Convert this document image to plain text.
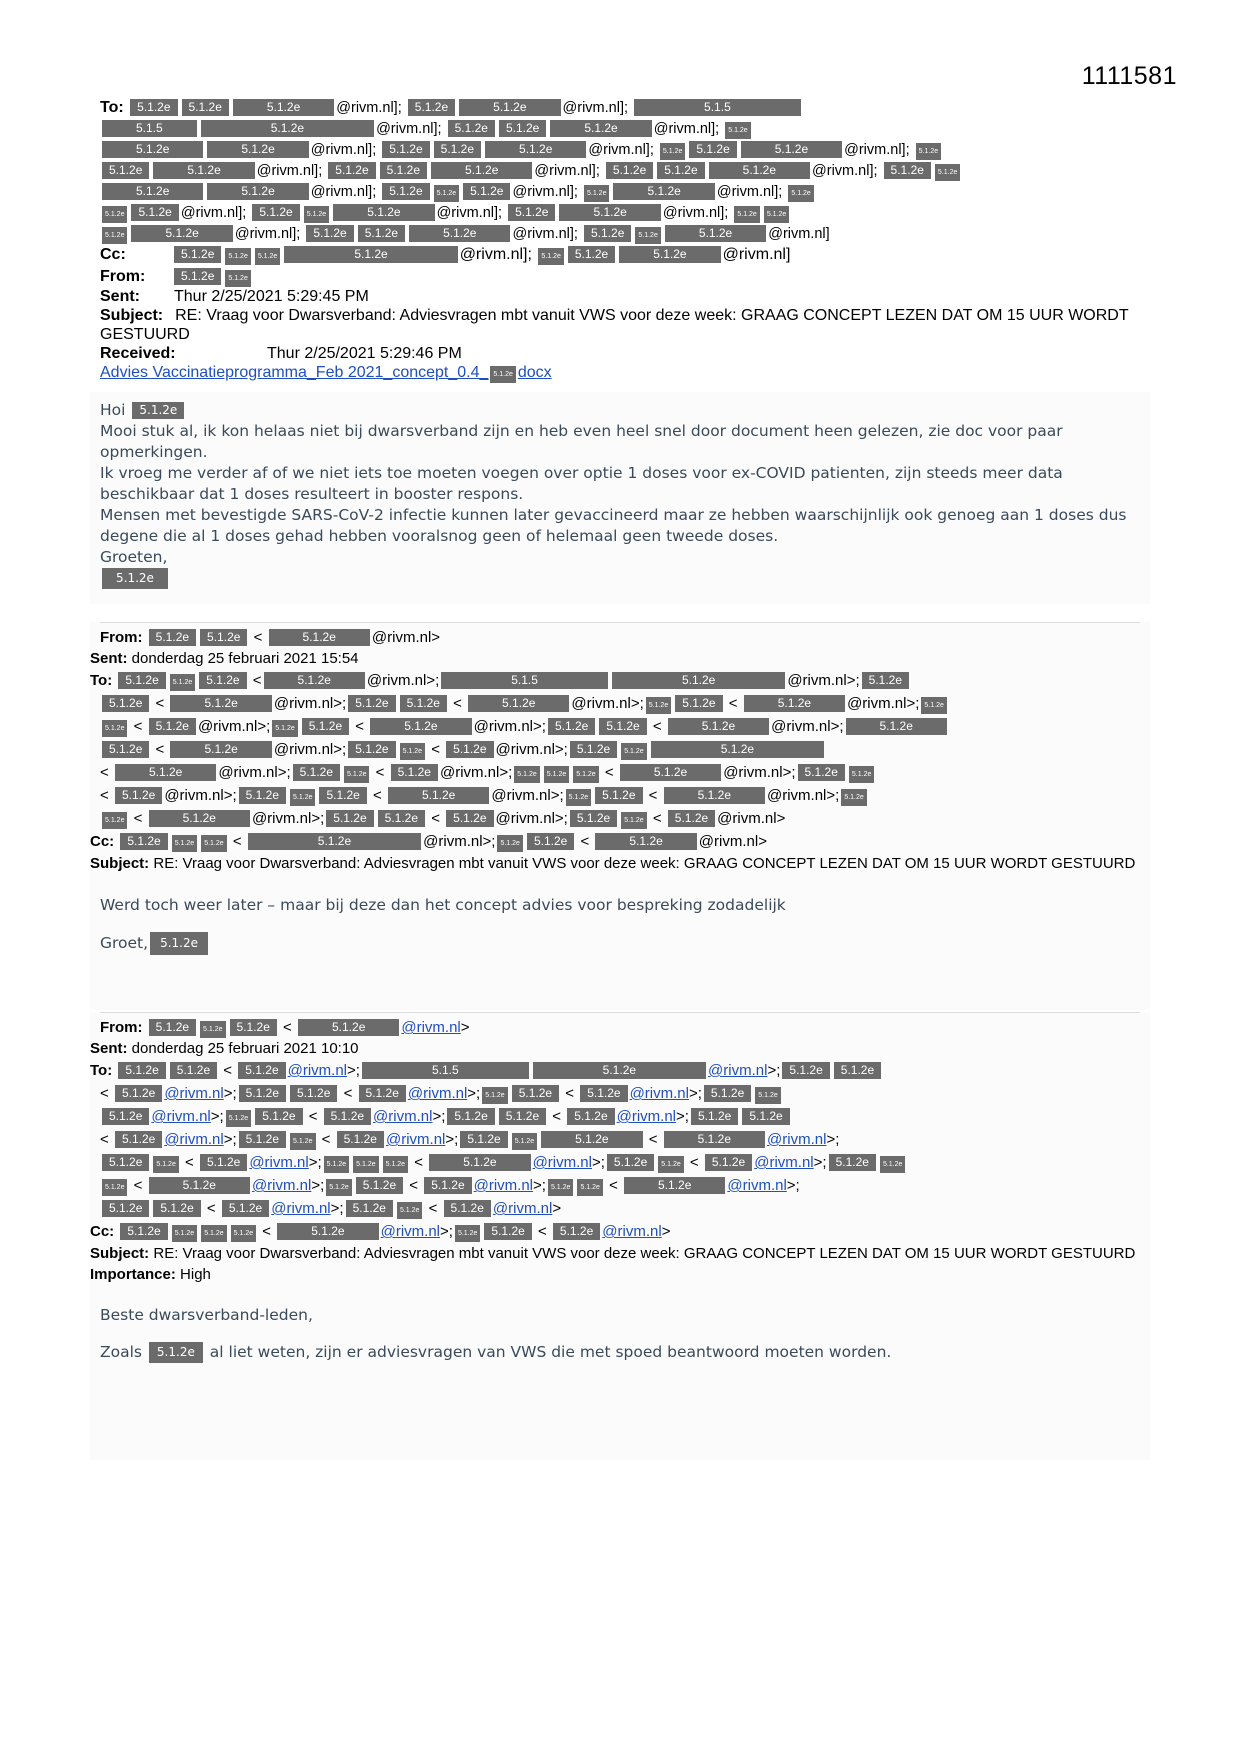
1111581
To: 5.1.2e 5.1.2e	5.1.2e @rivm.nl]; 5.1.2e	5.1.2e @rivm.nl];	5.1.5
5.1.5	5.1.2e	@rivm.nl]; 5.1.2e 5.1.2e	5.1.2e @rivm.nl]; 5.1.2e
5.1.2e	5.1.2e @rivm.nl]; 5.1.2e 5.1.2e	5.1.2e @rivm.nl]; 5.1.2e 5.1.2e	5.1.2e @rivm.nl]; 5.1.2e
5.1.2e	5.1.2e @rivm.nl]; 5.1.2e 5.1.2e	5.1.2e @rivm.nl]; 5.1.2e 5.1.2e	5.1.2e @rivm.nl]; 5.1.2e 5.1.2e
5.1.2e	5.1.2e @rivm.nl]; 5.1.2e 5.1.2e 5.1.2e @rivm.nl]; 5.1.2e	5.1.2e @rivm.nl]; 5.1.2e
5.1.2e 5.1.2e @rivm.nl]; 5.1.2e 5.1.2e	5.1.2e @rivm.nl]; 5.1.2e	5.1.2e @rivm.nl]; 5.1.2e 5.1.2e
5.1.2e	5.1.2e @rivm.nl]; 5.1.2e 5.1.2e	5.1.2e @rivm.nl]; 5.1.2e 5.1.2e	5.1.2e @rivm.nl]
Cc:	5.1.2e 5.1.2e 5.1.2e	5.1.2e	@rivm.nl]; 5.1.2e 5.1.2e	5.1.2e @rivm.nl]
From:	5.1.2e 5.1.2e
Sent: Thur 2/25/2021 5:29:45 PM
Subject: RE: Vraag voor Dwarsverband: Adviesvragen mbt vanuit VWS voor deze week: GRAAG CONCEPT LEZEN DAT OM 15 UUR WORDT GESTUURD
Received:	Thur 2/25/2021 5:29:46 PM
Advies Vaccinatieprogramma_Feb 2021_concept_0.4_ 5.1.2e docx
Hoi 5.1.2e
Mooi stuk al, ik kon helaas niet bij dwarsverband zijn en heb even heel snel door document heen gelezen, zie doc voor paar opmerkingen.
Ik vroeg me verder af of we niet iets toe moeten voegen over optie 1 doses voor ex-COVID patienten, zijn steeds meer data beschikbaar dat 1 doses resulteert in booster respons.
Mensen met bevestigde SARS-CoV-2 infectie kunnen later gevaccineerd maar ze hebben waarschijnlijk ook genoeg aan 1 doses dus degene die al 1 doses gehad hebben vooralsnog geen of helemaal geen tweede doses.
Groeten,
5.1.2e
From: 5.1.2e 5.1.2e <	5.1.2e @rivm.nl>
Sent: donderdag 25 februari 2021 15:54
To: 5.1.2e 5.1.2e 5.1.2e <	5.1.2e @rivm.nl>;	5.1.5	5.1.2e	@rivm.nl>; 5.1.2e
5.1.2e <	5.1.2e @rivm.nl>; 5.1.2e 5.1.2e <	5.1.2e @rivm.nl>; 5.1.2e 5.1.2e <	5.1.2e @rivm.nl>; 5.1.2e
5.1.2e < 5.1.2e @rivm.nl>; 5.1.2e 5.1.2e <	5.1.2e @rivm.nl>; 5.1.2e 5.1.2e <	5.1.2e @rivm.nl>;	5.1.2e
5.1.2e <	5.1.2e @rivm.nl>; 5.1.2e 5.1.2e < 5.1.2e @rivm.nl>; 5.1.2e 5.1.2e	5.1.2e
<	5.1.2e @rivm.nl>; 5.1.2e 5.1.2e < 5.1.2e @rivm.nl>; 5.1.2e 5.1.2e 5.1.2e <	5.1.2e @rivm.nl>; 5.1.2e 5.1.2e
< 5.1.2e @rivm.nl>; 5.1.2e 5.1.2e 5.1.2e <	5.1.2e @rivm.nl>; 5.1.2e 5.1.2e <	5.1.2e @rivm.nl>; 5.1.2e
5.1.2e <	5.1.2e @rivm.nl>; 5.1.2e 5.1.2e < 5.1.2e @rivm.nl>; 5.1.2e 5.1.2e < 5.1.2e @rivm.nl>
Cc: 5.1.2e 5.1.2e 5.1.2e <	5.1.2e	@rivm.nl>; 5.1.2e 5.1.2e <	5.1.2e @rivm.nl>
Subject: RE: Vraag voor Dwarsverband: Adviesvragen mbt vanuit VWS voor deze week: GRAAG CONCEPT LEZEN DAT OM 15 UUR WORDT GESTUURD
Werd toch weer later – maar bij deze dan het concept advies voor bespreking zodadelijk
Groet, 5.1.2e
From: 5.1.2e 5.1.2e 5.1.2e <	5.1.2e @rivm.nl>
Sent: donderdag 25 februari 2021 10:10
To: 5.1.2e 5.1.2e < 5.1.2e @rivm.nl>;	5.1.5	5.1.2e	@rivm.nl>; 5.1.2e 5.1.2e
< 5.1.2e @rivm.nl>; 5.1.2e 5.1.2e < 5.1.2e @rivm.nl>; 5.1.2e 5.1.2e < 5.1.2e @rivm.nl>; 5.1.2e 5.1.2e
5.1.2e @rivm.nl>; 5.1.2e 5.1.2e < 5.1.2e @rivm.nl>; 5.1.2e 5.1.2e < 5.1.2e @rivm.nl>; 5.1.2e 5.1.2e
< 5.1.2e @rivm.nl>; 5.1.2e 5.1.2e < 5.1.2e @rivm.nl>; 5.1.2e 5.1.2e	5.1.2e <	5.1.2e @rivm.nl>;
5.1.2e 5.1.2e < 5.1.2e @rivm.nl>; 5.1.2e 5.1.2e 5.1.2e <	5.1.2e @rivm.nl>; 5.1.2e 5.1.2e < 5.1.2e @rivm.nl>; 5.1.2e 5.1.2e
5.1.2e <	5.1.2e @rivm.nl>; 5.1.2e 5.1.2e < 5.1.2e @rivm.nl>; 5.1.2e 5.1.2e <	5.1.2e @rivm.nl>;
5.1.2e 5.1.2e < 5.1.2e @rivm.nl>; 5.1.2e 5.1.2e < 5.1.2e @rivm.nl>
Cc: 5.1.2e 5.1.2e 5.1.2e 5.1.2e <	5.1.2e @rivm.nl>; 5.1.2e 5.1.2e < 5.1.2e @rivm.nl>
Subject: RE: Vraag voor Dwarsverband: Adviesvragen mbt vanuit VWS voor deze week: GRAAG CONCEPT LEZEN DAT OM 15 UUR WORDT GESTUURD
Importance: High
Beste dwarsverband-leden,
Zoals 5.1.2e al liet weten, zijn er adviesvragen van VWS die met spoed beantwoord moeten worden.
